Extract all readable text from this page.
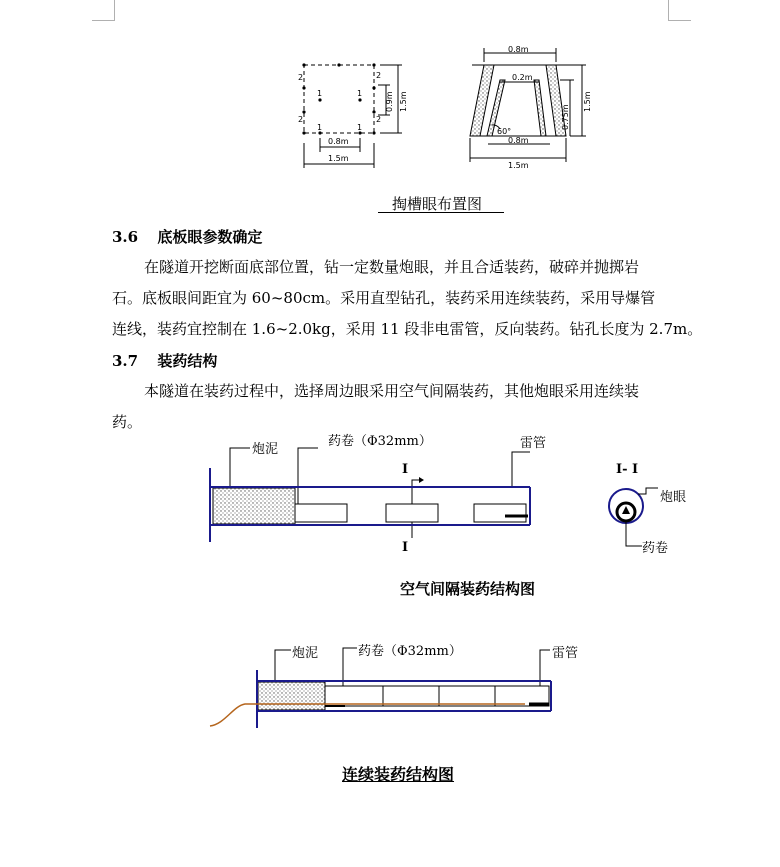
2	2
2	2
1	1
1	1
0.8m
1.5m
0.9m 1.5m
0.8m
0.2m
60°
0.8m
1.5m
0.75m
1.5m
掏槽眼布置图
3.6 底板眼参数确定
在隧道开挖断面底部位置，钻一定数量炮眼，并且合适装药，破碎并抛掷岩
石。底板眼间距宜为 60~80cm。采用直型钻孔，装药采用连续装药，采用导爆管
连线，装药宜控制在 1.6~2.0kg，采用 11 段非电雷管，反向装药。钻孔长度为 2.7m。
3.7 装药结构
本隧道在装药过程中，选择周边眼采用空气间隔装药，其他炮眼采用连续装
药。
炮泥
药卷（Φ32mm）	雷管
I
I
I- I
炮眼
药卷
空气间隔装药结构图
炮泥	药卷（Φ32mm）	雷管
连续装药结构图
